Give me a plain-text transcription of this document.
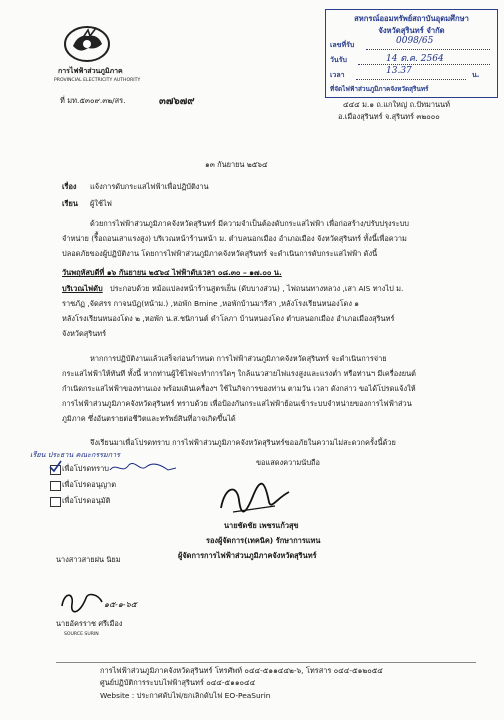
การไฟฟ้าส่วนภูมิภาค
PROVINCIAL ELECTRICITY AUTHORITY
ที่ มท.๕๓๐๙.๓๒/สร.	๓๗๖๗๙
สหกรณ์ออมทรัพย์สถาบันอุดมศึกษา
จังหวัดสุรินทร์ จำกัด
เลขที่รับ	0098/65
วันรับ	14 ต.ค. 2564
เวลา	13.37	น.
ที่จัดไฟฟ้าส่วนภูมิภาคจังหวัดสุรินทร์
๔๔๔ ม.๑ ถ.แกใหญ่ ถ.ปัทมานนท์
อ.เมืองสุรินทร์ จ.สุรินทร์ ๓๒๐๐๐
๑๓ กันยายน ๒๕๖๔
เรื่อง แจ้งการดับกระแสไฟฟ้าเพื่อปฏิบัติงาน
เรียน ผู้ใช้ไฟ
ด้วยการไฟฟ้าส่วนภูมิภาคจังหวัดสุรินทร์ มีความจำเป็นต้องดับกระแสไฟฟ้า เพื่อก่อสร้าง/ปรับปรุงระบบ
จำหน่าย (ริื้อถอนเสาแรงสูง) บริเวณหน้าร้านหน้า ม. ตำบลนอกเมือง อำเภอเมือง จังหวัดสุรินทร์ ทั้งนี้เพื่อความ
ปลอดภัยของผู้ปฏิบัติงาน โดยการไฟฟ้าส่วนภูมิภาคจังหวัดสุรินทร์ จะดำเนินการดับกระแสไฟฟ้า ดังนี้
วันพฤหัสบดีที่ ๑๖ กันยายน ๒๕๖๔ ไฟฟ้าดับเวลา ๐๘.๓๐ – ๑๗.๐๐ น.
บริเวณไฟดับ ประกอบด้วย หม้อแปลงหน้าร้านสูตรเย็น (ดับบางส่วน) , ไฟถนนทางหลวง ,เสา AIS ทางไป ม.
ราชภัฏ ,จัดสรร กาจนบัฏ(หน้าม.) ,หอพัก Bmine ,หอพักบ้านมารีสา ,หลังโรงเรียนหนองโดง ๑
หลังโรงเรียนหนองโดง ๒ ,หอพัก น.ส.ชนิกานต์ ดำโลภา บ้านหนองโดง ตำบลนอกเมือง อำเภอเมืองสุรินทร์
จังหวัดสุรินทร์
หากการปฏิบัติงานแล้วเสร็จก่อนกำหนด การไฟฟ้าส่วนภูมิภาคจังหวัดสุรินทร์ จะดำเนินการจ่าย
กระแสไฟฟ้าให้ทันที ทั้งนี้ หากท่านผู้ใช้ไฟจะทำการใดๆ ใกล้แนวสายไฟแรงสูงและแรงต่ำ หรือท่านฯ มีเครื่องยนต์
กำเนิดกระแสไฟฟ้าของท่านเอง พร้อมเดินเครื่องฯ ใช้ในกิจการของท่าน ตามวัน เวลา ดังกล่าว ขอได้โปรดแจ้งให้
การไฟฟ้าส่วนภูมิภาคจังหวัดสุรินทร์ ทราบด้วย เพื่อป้องกันกระแสไฟฟ้าย้อนเข้าระบบจำหน่ายของการไฟฟ้าส่วน
ภูมิภาค ซึ่งอันตรายต่อชีวิตและทรัพย์สินที่อาจเกิดขึ้นได้
จึงเรียนมาเพื่อโปรดทราบ การไฟฟ้าส่วนภูมิภาคจังหวัดสุรินทร์ขออภัยในความไม่สะดวกครั้งนี้ด้วย
เรียน ประธาน คณะกรรมการ
เพื่อโปรดทราบ
เพื่อโปรดอนุญาต
เพื่อโปรดอนุมัติ
ขอแสดงความนับถือ
นายชัดชัย เพชรแก้วสุข
รองผู้จัดการ(เทคนิค) รักษาการแทน
ผู้จัดการการไฟฟ้าส่วนภูมิภาคจังหวัดสุรินทร์
นางสาวสายฝน นิยม
๑๕-๑-๖๕
นายอัครราช ศรีเมือง
SOURCE SURIN
การไฟฟ้าส่วนภูมิภาคจังหวัดสุรินทร์ โทรศัพท์ ๐๔๔-๕๑๑๔๔๒-๖, โทรสาร ๐๔๔-๕๑๒๐๕๔
ศูนย์ปฏิบัติการระบบไฟฟ้าสุรินทร์ ๐๔๔-๕๑๑๐๔๔
Website : ประกาศดับไฟ/ยกเลิกดับไฟ EO-PeaSurin
